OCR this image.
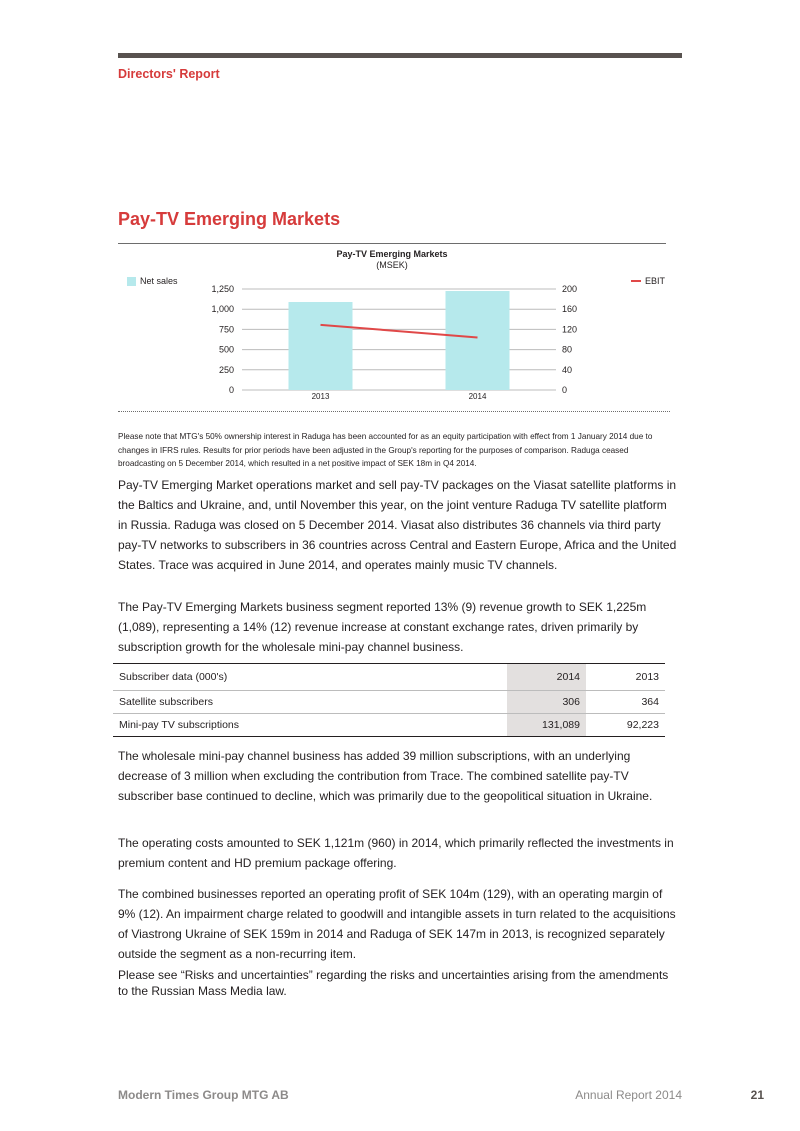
Directors' Report
Pay-TV Emerging Markets
Pay-TV Emerging Markets
(MSEK)
Net sales	EBIT
0	0
250	40
500	80
750	120
1,000	160
1,250	200
2013	2014
Please note that MTG's 50% ownership interest in Raduga has been accounted for as an equity participation with effect from 1 January 2014 due to changes in IFRS rules. Results for prior periods have been adjusted in the Group's reporting for the purposes of comparison. Raduga ceased broadcasting on 5 December 2014, which resulted in a net positive impact of SEK 18m in Q4 2014.
Pay-TV Emerging Market operations market and sell pay-TV packages on the Viasat satellite platforms in the Baltics and Ukraine, and, until November this year, on the joint venture Raduga TV satellite platform in Russia. Raduga was closed on 5 December 2014. Viasat also distributes 36 channels via third party pay-TV networks to subscribers in 36 countries across Central and Eastern Europe, Africa and the United States. Trace was acquired in June 2014, and operates mainly music TV channels.
The Pay-TV Emerging Markets business segment reported 13% (9) revenue growth to SEK 1,225m (1,089), representing a 14% (12) revenue increase at constant exchange rates, driven primarily by subscription growth for the wholesale mini-pay channel business.
Subscriber data (000's)	2014	2013
Satellite subscribers	306	364
Mini-pay TV subscriptions	131,089	92,223
The wholesale mini-pay channel business has added 39 million subscriptions, with an underlying decrease of 3 million when excluding the contribution from Trace. The combined satellite pay-TV subscriber base continued to decline, which was primarily due to the geopolitical situation in Ukraine.
The operating costs amounted to SEK 1,121m (960) in 2014, which primarily reflected the investments in premium content and HD premium package offering.
The combined businesses reported an operating profit of SEK 104m (129), with an operating margin of 9% (12). An impairment charge related to goodwill and intangible assets in turn related to the acquisitions of Viastrong Ukraine of SEK 159m in 2014 and Raduga of SEK 147m in 2013, is recognized separately outside the segment as a non-recurring item.
Please see “Risks and uncertainties” regarding the risks and uncertainties arising from the amendments to the Russian Mass Media law.
Modern Times Group MTG AB	Annual Report 2014	21
